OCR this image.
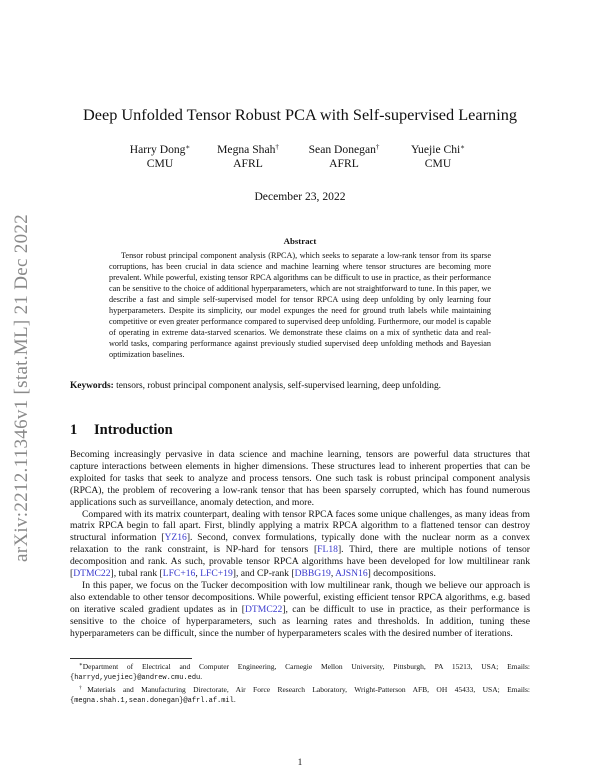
arXiv:2212.11346v1 [stat.ML] 21 Dec 2022
Deep Unfolded Tensor Robust PCA with Self-supervised Learning
Harry Dong∗
CMU
Megna Shah†
AFRL
Sean Donegan†
AFRL
Yuejie Chi∗
CMU
December 23, 2022
Abstract
Tensor robust principal component analysis (RPCA), which seeks to separate a low-rank tensor from its sparse corruptions, has been crucial in data science and machine learning where tensor structures are becoming more prevalent. While powerful, existing tensor RPCA algorithms can be difficult to use in practice, as their performance can be sensitive to the choice of additional hyperparameters, which are not straightforward to tune. In this paper, we describe a fast and simple self-supervised model for tensor RPCA using deep unfolding by only learning four hyperparameters. Despite its simplicity, our model expunges the need for ground truth labels while maintaining competitive or even greater performance compared to supervised deep unfolding. Furthermore, our model is capable of operating in extreme data-starved scenarios. We demonstrate these claims on a mix of synthetic data and real-world tasks, comparing performance against previously studied supervised deep unfolding methods and Bayesian optimization baselines.
Keywords: tensors, robust principal component analysis, self-supervised learning, deep unfolding.
1 Introduction

Becoming increasingly pervasive in data science and machine learning, tensors are powerful data structures that capture interactions between elements in higher dimensions. These structures lead to inherent properties that can be exploited for tasks that seek to analyze and process tensors. One such task is robust principal component analysis (RPCA), the problem of recovering a low-rank tensor that has been sparsely corrupted, which has found numerous applications such as surveillance, anomaly detection, and more.

Compared with its matrix counterpart, dealing with tensor RPCA faces some unique challenges, as many ideas from matrix RPCA begin to fall apart. First, blindly applying a matrix RPCA algorithm to a flattened tensor can destroy structural information [YZ16]. Second, convex formulations, typically done with the nuclear norm as a convex relaxation to the rank constraint, is NP-hard for tensors [FL18]. Third, there are multiple notions of tensor decomposition and rank. As such, provable tensor RPCA algorithms have been developed for low multilinear rank [DTMC22], tubal rank [LFC+16, LFC+19], and CP-rank [DBBG19, AJSN16] decompositions.

In this paper, we focus on the Tucker decomposition with low multilinear rank, though we believe our approach is also extendable to other tensor decompositions. While powerful, existing efficient tensor RPCA algorithms, e.g. based on iterative scaled gradient updates as in [DTMC22], can be difficult to use in practice, as their performance is sensitive to the choice of hyperparameters, such as learning rates and thresholds. In addition, tuning these hyperparameters can be difficult, since the number of hyperparameters scales with the desired number of iterations.

∗Department of Electrical and Computer Engineering, Carnegie Mellon University, Pittsburgh, PA 15213, USA; Emails: {harryd,yuejiec}@andrew.cmu.edu.
†Materials and Manufacturing Directorate, Air Force Research Laboratory, Wright-Patterson AFB, OH 45433, USA; Emails: {megna.shah.1,sean.donegan}@afrl.af.mil.
1
